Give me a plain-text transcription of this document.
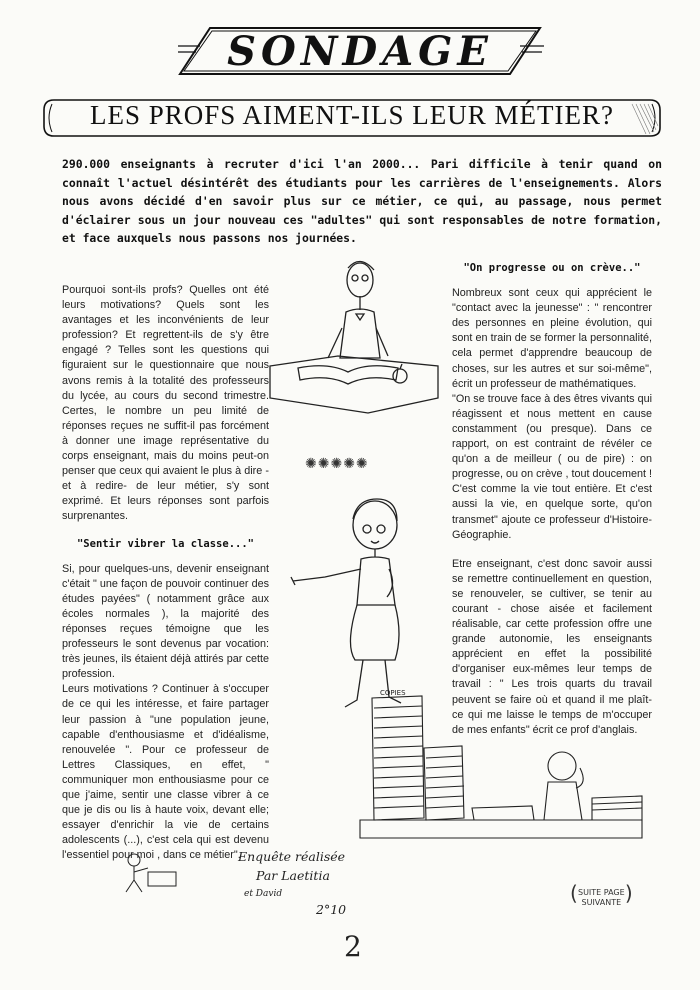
SONDAGE
LES PROFS AIMENT-ILS LEUR MÉTIER?
290.000 enseignants à recruter d'ici l'an 2000... Pari difficile à tenir quand on connaît l'actuel désintérêt des étudiants pour les carrières de l'enseignements. Alors nous avons décidé d'en savoir plus sur ce métier, ce qui, au passage, nous permet d'éclairer sous un jour nouveau ces "adultes" qui sont responsables de notre formation, et face auxquels nous passons nos journées.

Pourquoi sont-ils profs? Quelles ont été leurs motivations? Quels sont les avantages et les inconvénients de leur profession? Et regrettent-ils de s'y être engagé ? Telles sont les questions qui figuraient sur le questionnaire que nous avons remis à la totalité des professeurs du lycée, au cours du second trimestre. Certes, le nombre un peu limité de réponses reçues ne suffit-il pas forcément à donner une image représentative du corps enseignant, mais du moins peut-on penser que ceux qui avaient le plus à dire - et à redire- de leur métier, s'y sont exprimé. Et leurs réponses sont parfois surprenantes.

"Sentir vibrer la classe..."

Si, pour quelques-uns, devenir enseignant c'était " une façon de pouvoir continuer des études payées" ( notamment grâce aux écoles normales ), la majorité des réponses reçues témoigne que les professeurs le sont devenus par vocation: très jeunes, ils étaient déjà attirés par cette profession.

Leurs motivations ? Continuer à s'occuper de ce qui les intéresse, et faire partager leur passion à "une population jeune, capable d'enthousiasme et d'idéalisme, renouvelée ". Pour ce professeur de Lettres Classiques, en effet, " communiquer mon enthousiasme pour ce que j'aime, sentir une classe vibrer à ce que je dis ou lis à haute voix, devant elle; essayer d'enrichir la vie de certains adolescents (...), c'est cela qui est devenu l'essentiel pour moi , dans ce métier".

"On progresse ou on crève.."

Nombreux sont ceux qui apprécient le "contact avec la jeunesse" : " rencontrer des personnes en pleine évolution, qui sont en train de se former la personnalité, cela permet d'apprendre beaucoup de choses, sur les autres et sur soi-même", écrit un professeur de mathématiques.

"On se trouve face à des êtres vivants qui réagissent et nous mettent en cause constamment (ou presque). Dans ce rapport, on est contraint de révéler ce qu'on a de meilleur ( ou de pire) : on progresse, ou on crève , tout doucement ! C'est comme la vie tout entière. Et c'est aussi la vie, en quelque sorte, qu'on transmet" ajoute ce professeur d'Histoire-Géographie.

Etre enseignant, c'est donc savoir aussi se remettre continuellement en question, se renouveler, se cultiver, se tenir au courant - chose aisée et facilement réalisable, car cette profession offre une grande autonomie, les enseignants apprécient en effet la possibilité d'organiser eux-mêmes leur temps de travail : " Les trois quarts du travail peuvent se faire où et quand il me plaît- ce qui me laisse le temps de m'occuper de mes enfants" écrit ce prof d'anglais.

✺✺✺✺✺
COPIES
Enquête réalisée
Par Laetitia
et David
2°10
( SUITE PAGE
SUIVANTE
)
2
